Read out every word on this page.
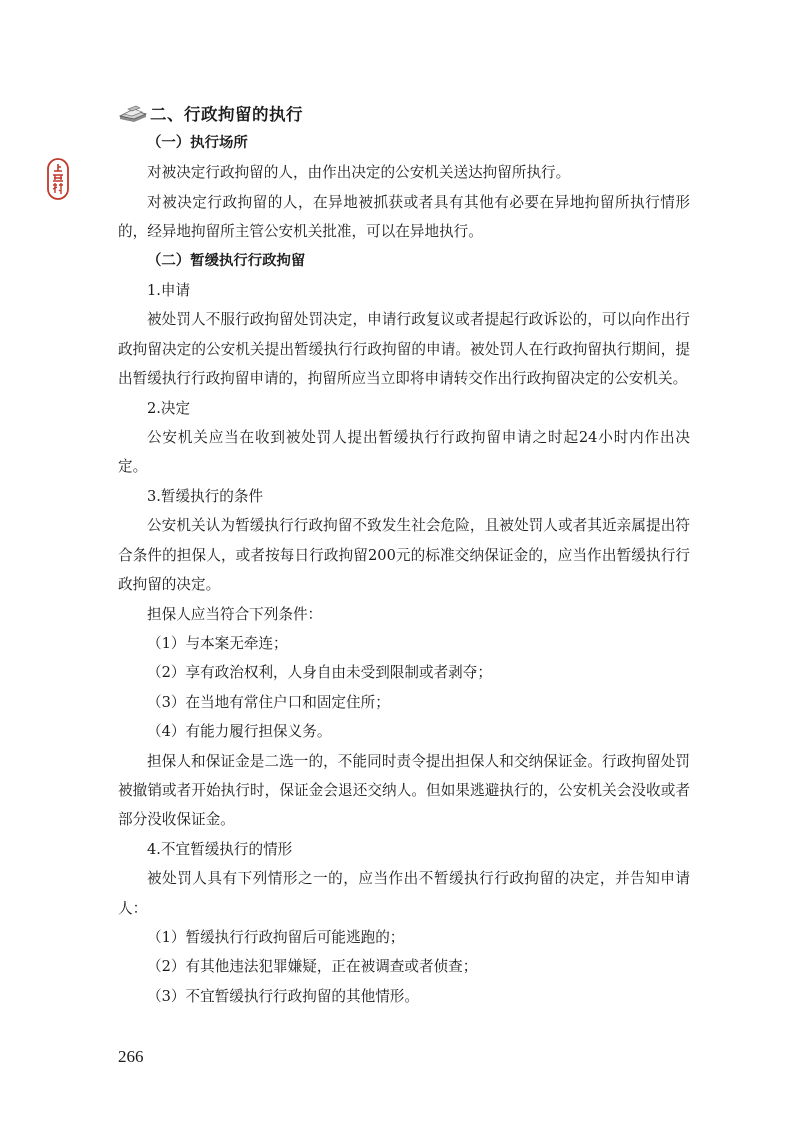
二、行政拘留的执行

（一）执行场所

对被决定行政拘留的人，由作出决定的公安机关送达拘留所执行。

对被决定行政拘留的人，在异地被抓获或者具有其他有必要在异地拘留所执行情形的，经异地拘留所主管公安机关批准，可以在异地执行。

（二）暂缓执行行政拘留

1.申请

被处罚人不服行政拘留处罚决定，申请行政复议或者提起行政诉讼的，可以向作出行政拘留决定的公安机关提出暂缓执行行政拘留的申请。被处罚人在行政拘留执行期间，提出暂缓执行行政拘留申请的，拘留所应当立即将申请转交作出行政拘留决定的公安机关。

2.决定

公安机关应当在收到被处罚人提出暂缓执行行政拘留申请之时起24小时内作出决定。

3.暂缓执行的条件

公安机关认为暂缓执行行政拘留不致发生社会危险，且被处罚人或者其近亲属提出符合条件的担保人，或者按每日行政拘留200元的标准交纳保证金的，应当作出暂缓执行行政拘留的决定。

担保人应当符合下列条件：

（1）与本案无牵连；

（2）享有政治权利，人身自由未受到限制或者剥夺；

（3）在当地有常住户口和固定住所；

（4）有能力履行担保义务。

担保人和保证金是二选一的，不能同时责令提出担保人和交纳保证金。行政拘留处罚被撤销或者开始执行时，保证金会退还交纳人。但如果逃避执行的，公安机关会没收或者部分没收保证金。

4.不宜暂缓执行的情形

被处罚人具有下列情形之一的，应当作出不暂缓执行行政拘留的决定，并告知申请人：

（1）暂缓执行行政拘留后可能逃跑的；

（2）有其他违法犯罪嫌疑，正在被调查或者侦查；

（3）不宜暂缓执行行政拘留的其他情形。

266
